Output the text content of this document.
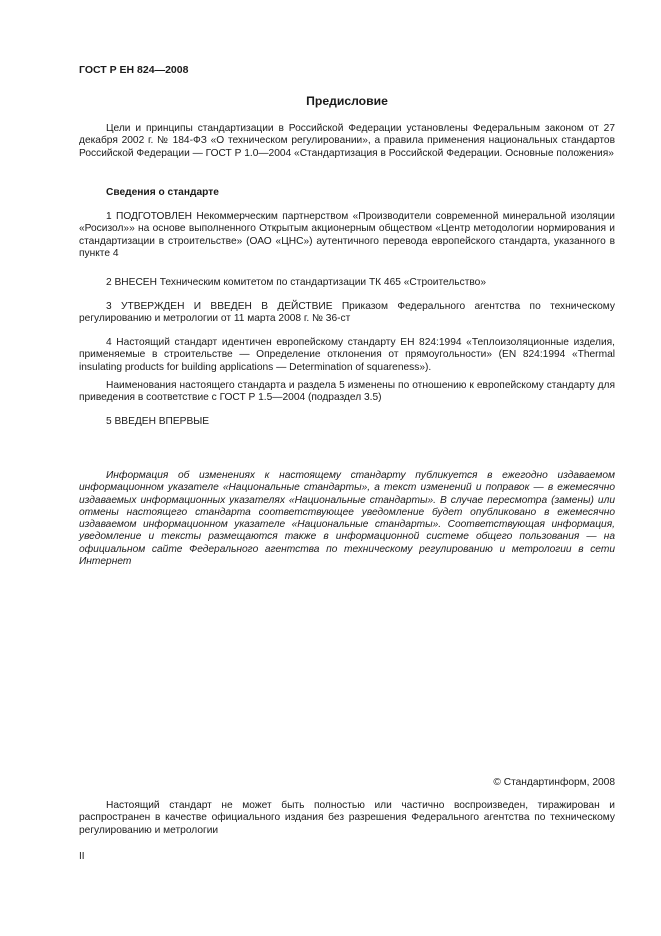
ГОСТ Р ЕН 824—2008

Предисловие

Цели и принципы стандартизации в Российской Федерации установлены Федеральным законом от 27 декабря 2002 г. № 184-ФЗ «О техническом регулировании», а правила применения национальных стандартов Российской Федерации — ГОСТ Р 1.0—2004 «Стандартизация в Российской Федерации. Основные положения»

Сведения о стандарте

1 ПОДГОТОВЛЕН Некоммерческим партнерством «Производители современной минеральной изоляции «Росизол»» на основе выполненного Открытым акционерным обществом «Центр методологии нормирования и стандартизации в строительстве» (ОАО «ЦНС») аутентичного перевода европейского стандарта, указанного в пункте 4

2 ВНЕСЕН Техническим комитетом по стандартизации ТК 465 «Строительство»

3 УТВЕРЖДЕН И ВВЕДЕН В ДЕЙСТВИЕ Приказом Федерального агентства по техническому регулированию и метрологии от 11 марта 2008 г. № 36-ст

4 Настоящий стандарт идентичен европейскому стандарту ЕН 824:1994 «Теплоизоляционные изделия, применяемые в строительстве — Определение отклонения от прямоугольности» (EN 824:1994 «Thermal insulating products for building applications — Determination of squareness»).

Наименования настоящего стандарта и раздела 5 изменены по отношению к европейскому стандарту для приведения в соответствие с ГОСТ Р 1.5—2004 (подраздел 3.5)

5 ВВЕДЕН ВПЕРВЫЕ

Информация об изменениях к настоящему стандарту публикуется в ежегодно издаваемом информационном указателе «Национальные стандарты», а текст изменений и поправок — в ежемесячно издаваемых информационных указателях «Национальные стандарты». В случае пересмотра (замены) или отмены настоящего стандарта соответствующее уведомление будет опубликовано в ежемесячно издаваемом информационном указателе «Национальные стандарты». Соответствующая информация, уведомление и тексты размещаются также в информационной системе общего пользования — на официальном сайте Федерального агентства по техническому регулированию и метрологии в сети Интернет

© Стандартинформ, 2008

Настоящий стандарт не может быть полностью или частично воспроизведен, тиражирован и распространен в качестве официального издания без разрешения Федерального агентства по техническому регулированию и метрологии

II
